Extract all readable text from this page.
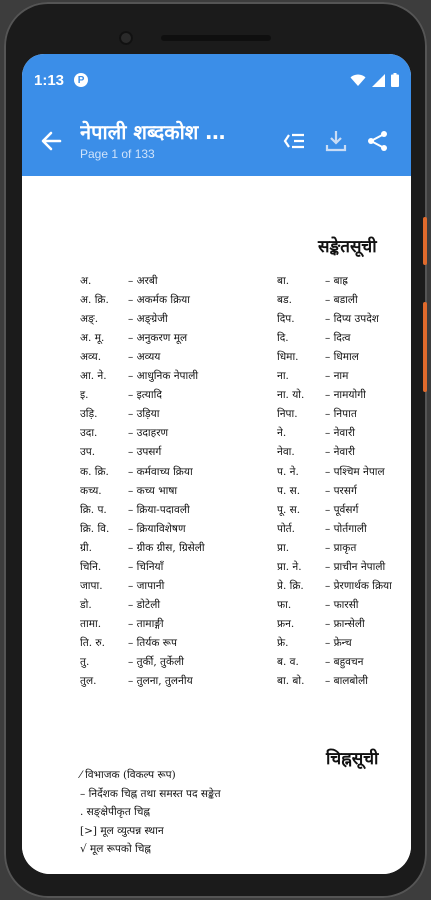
1:13	P
नेपाली शब्दकोश …
Page 1 of 133
सङ्केतसूची
अ.	– अरबी	बा.	– बाह्र
अ. क्रि. – अकर्मक क्रिया	बड.	– बडाली
अङ्.	– अङ्ग्रेजी	दिप.	– दिप्य उपदेश
अ. मू. – अनुकरण मूल	दि.	– दित्व
अव्य.	– अव्यय	धिमा.	– धिमाल
आ. ने. – आधुनिक नेपाली	ना.	– नाम
इ.	– इत्यादि	ना. यो. – नामयोगी
उड़ि.	– उड़िया	निपा.	– निपात
उदा.	– उदाहरण	ने.	– नेवारी
उप.	– उपसर्ग	नेवा.	– नेवारी
क. क्रि. – कर्मवाच्य क्रिया	प. ने. – पश्चिम नेपाल
कच्य.	– कच्य भाषा	प. स. – परसर्ग
क्रि. प. – क्रिया-पदावली	पू. स. – पूर्वसर्ग
क्रि. वि. – क्रियाविशेषण	पोर्त.	– पोर्तगाली
ग्री.	– ग्रीक ग्रीस, ग्रिसेली	प्रा.	– प्राकृत
चिनि.	– चिनियाँ	प्रा. ने. – प्राचीन नेपाली
जापा. – जापानी	प्रे. क्रि. – प्रेरणार्थक क्रिया
डो.	– डोटेली	फा.	– फारसी
तामा.	– तामाङ्गी	फ्रन.	– फ्रान्सेली
ति. रु. – तिर्यक रूप	फ्रे.	– फ्रेन्च
तु.	– तुर्की, तुर्केली	ब. व. – बहुवचन
तुल.	– तुलना, तुलनीय	बा. बो. – बालबोली
चिह्नसूची
⁄ विभाजक (विकल्प रूप)
– निर्देशक चिह्न तथा समस्त पद सङ्केत
. सङ्क्षेपीकृत चिह्न
[>] मूल व्युत्पन्न स्थान
√ मूल रूपको चिह्न
